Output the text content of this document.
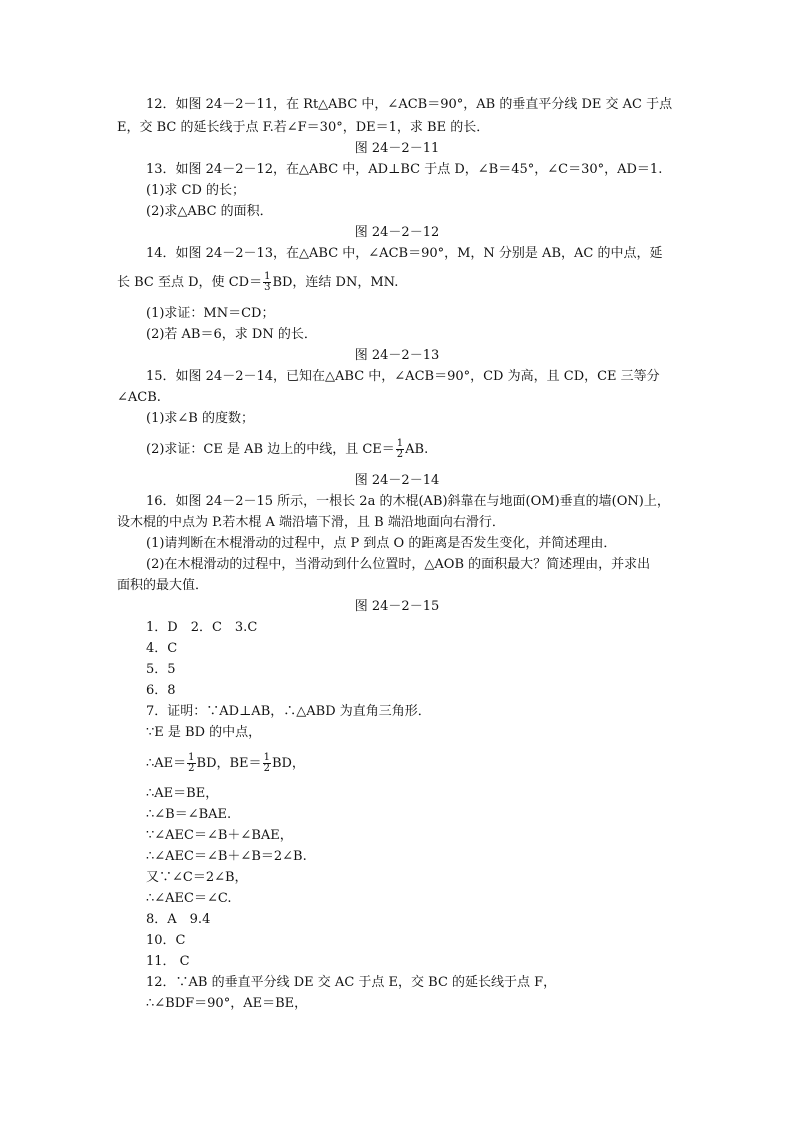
12．如图 24－2－11，在 Rt△ABC 中，∠ACB＝90°，AB 的垂直平分线 DE 交 AC 于点
E，交 BC 的延长线于点 F.若∠F＝30°，DE＝1，求 BE 的长．
图 24－2－11
13．如图 24－2－12，在△ABC 中，AD⊥BC 于点 D，∠B＝45°，∠C＝30°，AD＝1.
(1)求 CD 的长；
(2)求△ABC 的面积．
图 24－2－12
14．如图 24－2－13，在△ABC 中，∠ACB＝90°，M，N 分别是 AB，AC 的中点，延
长 BC 至点 D，使 $CD= \frac{1}{3}$ BD，连结 DN，MN.
(1)求证：MN＝CD；
(2)若 AB＝6，求 DN 的长．
图 24－2－13
15．如图 24－2－14，已知在△ABC 中，∠ACB＝90°，CD 为高，且 CD，CE 三等分
∠ACB.
(1)求∠B 的度数；
(2)求证：CE 是 AB 边上的中线，且 $CE= \frac{1}{2}$ AB.
图 24－2－14
16．如图 24－2－15 所示，一根长 2a 的木棍(AB)斜靠在与地面(OM)垂直的墙(ON)上，
设木棍的中点为 P.若木棍 A 端沿墙下滑，且 B 端沿地面向右滑行．
(1)请判断在木棍滑动的过程中，点 P 到点 O 的距离是否发生变化，并简述理由．
(2)在木棍滑动的过程中，当滑动到什么位置时，△AOB 的面积最大？简述理由，并求出
面积的最大值．
图 24－2－15
1．D　2．C　3.C
4．C
5．5
6．8
7．证明：∵AD⊥AB，∴△ABD 为直角三角形．
∵E 是 BD 的中点，
∴AE＝ $\frac{1}{2}$ BD，$BE= \frac{1}{2}$ BD，
∴AE＝BE，
∴∠B＝∠BAE.
∵∠AEC＝∠B＋∠BAE，
∴∠AEC＝∠B＋∠B＝2∠B.
又∵∠C＝2∠B，
∴∠AEC＝∠C.
8．A　9.4
10．C
11． C
12．∵AB 的垂直平分线 DE 交 AC 于点 E，交 BC 的延长线于点 F，
∴∠BDF＝90°，AE＝BE，
